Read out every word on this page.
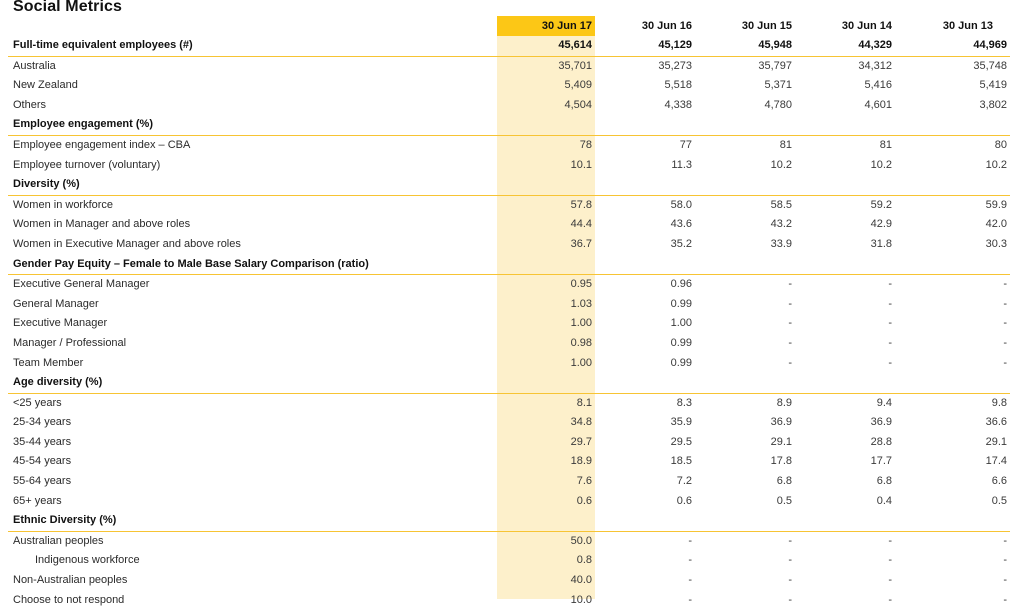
Social Metrics
30 Jun 17	30 Jun 16	30 Jun 15	30 Jun 14	30 Jun 13
Full-time equivalent employees (#)	45,614	45,129	45,948	44,329	44,969
Australia	35,701	35,273	35,797	34,312	35,748
New Zealand	5,409	5,518	5,371	5,416	5,419
Others	4,504	4,338	4,780	4,601	3,802
Employee engagement (%)					
Employee engagement index – CBA	78	77	81	81	80
Employee turnover (voluntary)	10.1	11.3	10.2	10.2	10.2
Diversity (%)					
Women in workforce	57.8	58.0	58.5	59.2	59.9
Women in Manager and above roles	44.4	43.6	43.2	42.9	42.0
Women in Executive Manager and above roles	36.7	35.2	33.9	31.8	30.3
Gender Pay Equity – Female to Male Base Salary Comparison (ratio)					
Executive General Manager	0.95	0.96	-	-	-
General Manager	1.03	0.99	-	-	-
Executive Manager	1.00	1.00	-	-	-
Manager / Professional	0.98	0.99	-	-	-
Team Member	1.00	0.99	-	-	-
Age diversity (%)					
<25 years	8.1	8.3	8.9	9.4	9.8
25-34 years	34.8	35.9	36.9	36.9	36.6
35-44 years	29.7	29.5	29.1	28.8	29.1
45-54 years	18.9	18.5	17.8	17.7	17.4
55-64 years	7.6	7.2	6.8	6.8	6.6
65+ years	0.6	0.6	0.5	0.4	0.5
Ethnic Diversity (%)					
Australian peoples	50.0	-	-	-	-
Indigenous workforce	0.8	-	-	-	-
Non-Australian peoples	40.0	-	-	-	-
Choose to not respond	10.0	-	-	-	-
